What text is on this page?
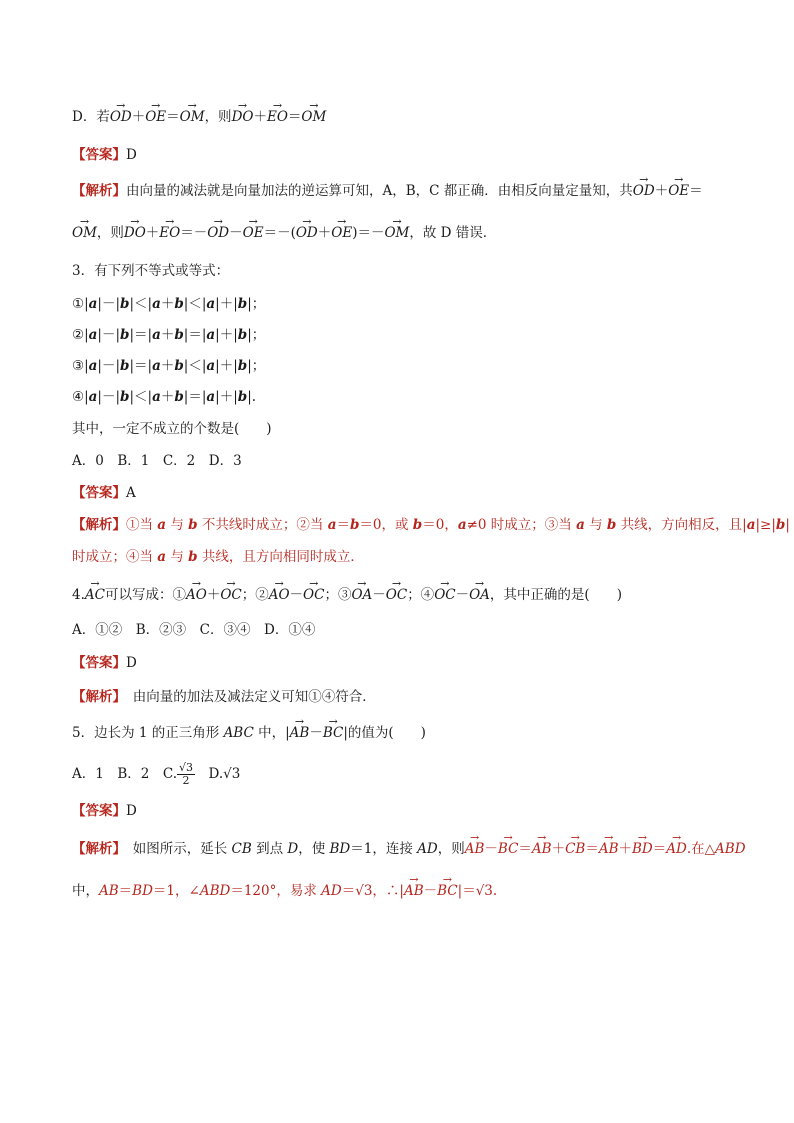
D．若→ OD＋→ OE＝→ OM，则→ DO＋→ EO＝→ OM
【答案】D
【解析】由向量的减法就是向量加法的逆运算可知，A，B，C 都正确．由相反向量定量知，共→ OD＋→ OE＝
→ OM，则→ DO＋→ EO＝－→ OD－→ OE＝－(→ OD＋→ OE)＝－→ OM，故 D 错误．
3．有下列不等式或等式：
①|a|－|b|＜|a＋b|＜|a|＋|b|；
②|a|－|b|＝|a＋b|＝|a|＋|b|；
③|a|－|b|＝|a＋b|＜|a|＋|b|；
④|a|－|b|＜|a＋b|＝|a|＋|b|.
其中，一定不成立的个数是(　　)
A．0　B．1　C．2　D．3
【答案】A
【解析】①当 a 与 b 不共线时成立；②当 a＝b＝0，或 b＝0，a≠0 时成立；③当 a 与 b 共线，方向相反，且|a|≥|b|
时成立；④当 a 与 b 共线，且方向相同时成立．
4.→ AC可以写成：①→ AO＋→ OC；②→ AO－→ OC；③→ OA－→ OC；④→ OC－→ OA，其中正确的是(　　)
A．①②　B．②③　C．③④　D．①④
【答案】D
【解析】　由向量的加法及减法定义可知①④符合．
5．边长为 1 的正三角形 ABC 中，|→ AB－→ BC|的值为(　　)
A．1　B．2　C. $\frac{√3}{2}$ 　D.√3
【答案】D
【解析】　如图所示，延长 CB 到点 D，使 BD＝1，连接 AD，则→ AB－→ BC＝→ AB＋→ CB＝→ AB＋→ BD＝→ AD.在△ABD
中，AB＝BD＝1，∠ABD＝120°，易求 AD＝√3，∴|→ AB－→ BC|＝√3.
